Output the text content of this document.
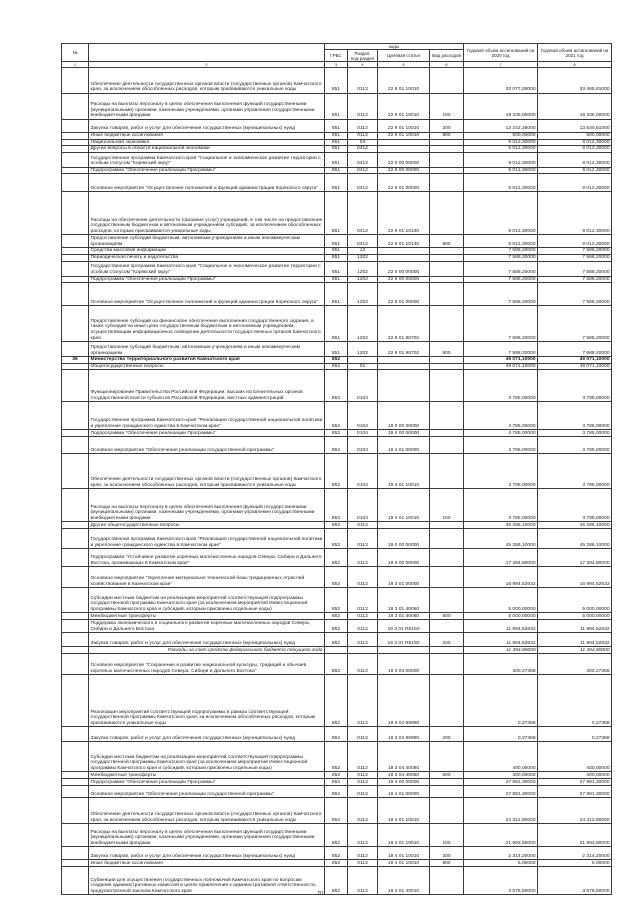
№		коды				Годовой объем ассигнований на 2020 год	Годовой объем ассигнований на 2021 год
		ГРБС	Раздел, под-раздел	Целевая статья	Вид расходов		
1	2	3	4	5	6	7	8
	Обеспечение деятельности государственных органов власти (государственных органов) Камчатского края, за исключением обособленных расходов, которым присваиваются уникальные коды	851	0113	22 9 01 10010		33 077,28000	33 465,61000
	Расходы на выплаты персоналу в целях обеспечения выполнения функций государственными (муниципальными) органами, казенными учреждениями, органами управления государственными внебюджетными фондами	851	0113	22 9 01 10010	100	19 335,00000	19 335,00000
	Закупка товаров, работ и услуг для обеспечения государственных (муниципальных) нужд	851	0113	22 9 01 10010	200	13 242,28000	13 630,61000
	Иные бюджетные ассигнования	851	0113	22 9 01 10010	800	500,00000	500,00000
	Национальная экономика	851	04			9 012,30000	9 012,30000
	Другие вопросы в области национальной экономики	851	0412			9 012,30000	9 012,30000
	Государственная программа Камчатского края "Социальное и экономическое развитие территории с особым статусом "Корякский округ"	851	0412	22 0 00 00000		9 012,30000	9 012,30000
	Подпрограмма "Обеспечение реализации Программы"	851	0412	22 9 00 00000		9 012,30000	9 012,30000
	Основное мероприятие "Осуществление полномочий и функций администрации Корякского округа"	851	0412	22 9 01 00000		9 012,30000	9 012,30000
	Расходы на обеспечение деятельности (оказание услуг) учреждений, в том числе на предоставление государственным бюджетным и автономным учреждениям субсидий, за исключением обособленных расходов, которым присваиваются уникальные коды	851	0412	22 9 01 10140		9 012,30000	9 012,30000
	Предоставление субсидий бюджетным, автономным учреждениям и иным некоммерческим организациям	851	0412	22 9 01 10140	600	9 012,30000	9 012,30000
	Средства массовой информации	851	12			7 588,20000	7 588,20000
	Периодическая печать и издательства	851	1202			7 588,20000	7 588,20000
	Государственная программа Камчатского края "Социальное и экономическое развитие территории с особым статусом "Корякский округ"	851	1202	22 0 00 00000		7 588,20000	7 588,20000
	Подпрограмма "Обеспечение реализации Программы"	851	1202	22 9 00 00000		7 588,20000	7 588,20000
	Основное мероприятие "Осуществление полномочий и функций администрации Корякского округа"	851	1202	22 9 01 00000		7 588,20000	7 588,20000
	Предоставление субсидий на финансовое обеспечение выполнения государственного задания, а также субсидий на иные цели государственным бюджетным и автономным учреждениям, осуществляющим информационное освещение деятельности государственных органов Камчатского края	851	1202	22 9 01 98702		7 588,20000	7 588,20000
	Предоставление субсидий бюджетным, автономным учреждениям и иным некоммерческим организациям	851	1202	22 9 01 98702	600	7 588,20000	7 588,20000
36	Министерство территориального развития Камчатского края	852				49 071,10000	49 071,10000
	Общегосударственные вопросы	852	01			49 071,10000	49 071,10000
	Функционирование Правительства Российской Федерации, высших исполнительных органов государственной власти субъектов Российской Федерации, местных администраций	852	0104			3 785,00000	3 785,00000
	Государственная программа Камчатского края "Реализация государственной национальной политики и укрепление гражданского единства в Камчатском крае"	852	0104	19 0 00 00000		3 785,00000	3 785,00000
	Подпрограмма "Обеспечение реализации Программы"	852	0104	19 4 00 00000		3 785,00000	3 785,00000
	Основное мероприятие "Обеспечение реализации государственной программы"	852	0104	19 4 01 00000		3 785,00000	3 785,00000
	Обеспечение деятельности государственных органов власти (государственных органов) Камчатского края, за исключением обособленных расходов, которым присваиваются уникальные коды	852	0104	19 4 01 10010		3 785,00000	3 785,00000
	Расходы на выплаты персоналу в целях обеспечения выполнения функций государственными (муниципальными) органами, казенными учреждениями, органами управления государственными внебюджетными фондами	852	0104	19 4 01 10010	100	3 785,00000	3 785,00000
	Другие общегосударственные вопросы	852	0113			45 286,10000	45 286,10000
	Государственная программа Камчатского края "Реализация государственной национальной политики и укрепление гражданского единства в Камчатском крае"	852	0113	19 0 00 00000		45 286,10000	45 286,10000
	Подпрограмма "Устойчивое развитие коренных малочисленных народов Севера, Сибири и Дальнего Востока, проживающих в Камчатском крае"	852	0113	19 3 00 00000		17 394,80000	17 394,80000
	Основное мероприятие "Укрепление материально-технической базы традиционных отраслей хозяйствования в Камчатском крае"	852	0113	19 3 01 00000		16 994,52632	16 994,52632
	Субсидии местным бюджетам на реализацию мероприятий соответствующей подпрограммы государственной программы Камчатского края (за исключением мероприятий Инвестиционной программы Камчатского края и субсидий, которым присвоены отдельные коды)	852	0113	19 3 01 40060		5 000,00000	5 000,00000
	Межбюджетные трансферты	852	0113	19 3 01 40060	500	5 000,00000	5 000,00000
	Поддержка экономического и социального развития коренных малочисленных народов Севера, Сибири и Дальнего Востока	852	0113	19 3 01 R5150		11 994,52632	11 994,52632
	Закупка товаров, работ и услуг для обеспечения государственных (муниципальных) нужд	852	0113	19 3 01 R5150	200	11 994,52632	11 994,52632
	Расходы за счет средств федерального бюджета текущего года					11 394,80000	11 394,80000
	Основное мероприятие "Сохранение и развитие национальной культуры, традиций и обычаев коренных малочисленных народов Севера, Сибири и Дальнего Востока"	852	0113	19 3 04 00000		400,27368	400,27368
	Реализация мероприятий соответствующей подпрограммы в рамках соответствующей государственной программы Камчатского края, за исключением обособленных расходов, которым присваиваются уникальные коды	852	0113	19 3 04 99990		0,27368	0,27368
	Закупка товаров, работ и услуг для обеспечения государственных (муниципальных) нужд	852	0113	19 3 04 99990	200	0,27368	0,27368
	Субсидии местным бюджетам на реализацию мероприятий соответствующей подпрограммы государственной программы Камчатского края (за исключением мероприятий Инвестиционной программы Камчатского края и субсидий, которым присвоены отдельные коды)	852	0113	19 3 04 40060		400,00000	400,00000
	Межбюджетные трансферты	852	0113	19 3 04 40060	500	400,00000	400,00000
	Подпрограмма "Обеспечение реализации Программы"	852	0113	19 4 00 00000		27 891,30000	27 891,30000
	Основное мероприятие "Обеспечение реализации государственной программы"	852	0113	19 4 01 00000		27 891,30000	27 891,30000
	Обеспечение деятельности государственных органов власти (государственных органов) Камчатского края, за исключением обособленных расходов, которым присваиваются уникальные коды	852	0113	19 4 01 10010		24 312,80000	24 312,80000
	Расходы на выплаты персоналу в целях обеспечения выполнения функций государственными (муниципальными) органами, казенными учреждениями, органами управления государственными внебюджетными фондами	852	0113	19 4 01 10010	100	21 993,60000	21 993,60000
	Закупка товаров, работ и услуг для обеспечения государственных (муниципальных) нужд	852	0113	19 4 01 10010	200	2 314,20000	2 314,20000
	Иные бюджетные ассигнования	852	0113	19 4 01 10010	800	5,00000	5,00000
	Субвенции для осуществления государственных полномочий Камчатского края по вопросам создания административных комиссий в целях привлечения к административной ответственности, предусмотренной законом Камчатского края	852	0113	19 4 01 40010		3 578,50000	3 578,50000
70
